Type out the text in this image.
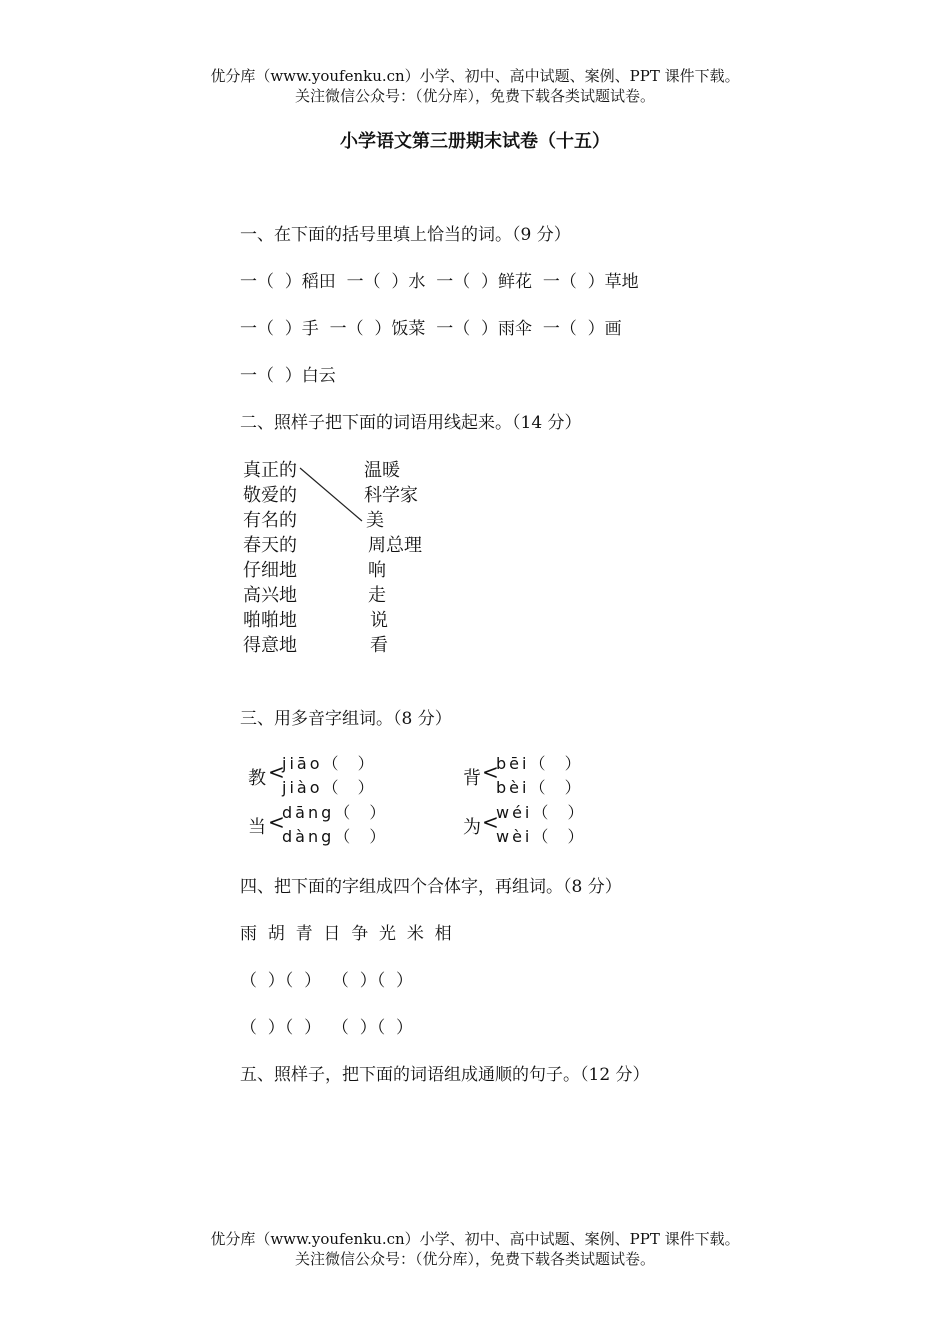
优分库（www.youfenku.cn）小学、初中、高中试题、案例、PPT 课件下载。
关注微信公众号：（优分库），免费下载各类试题试卷。
小学语文第三册期末试卷（十五）
一、在下面的括号里填上恰当的词。（9 分）
一（  ）稻田  一（  ）水  一（  ）鲜花  一（  ）草地
一（  ）手  一（  ）饭菜  一（  ）雨伞  一（  ）画
一（  ）白云
二、照样子把下面的词语用线起来。（14 分）
真正的
敬爱的
有名的
春天的
仔细地
高兴地
啪啪地
得意地
温暖
科学家
美
周总理
响
走
说
看
三、用多音字组词。（8 分）
教 <
jiāo（  ）
jiào（  ）	背 <
bēi（  ）
bèi（  ）
当 <
dāng（  ）
dàng（  ）	为 <
wéi（  ）
wèi（  ）
四、把下面的字组成四个合体字，再组词。（8 分）
雨  胡  青  日  争  光  米  相
（  ）（  ）  （  ）（  ）
（  ）（  ）  （  ）（  ）
五、照样子，把下面的词语组成通顺的句子。（12 分）
优分库（www.youfenku.cn）小学、初中、高中试题、案例、PPT 课件下载。
关注微信公众号：（优分库），免费下载各类试题试卷。
